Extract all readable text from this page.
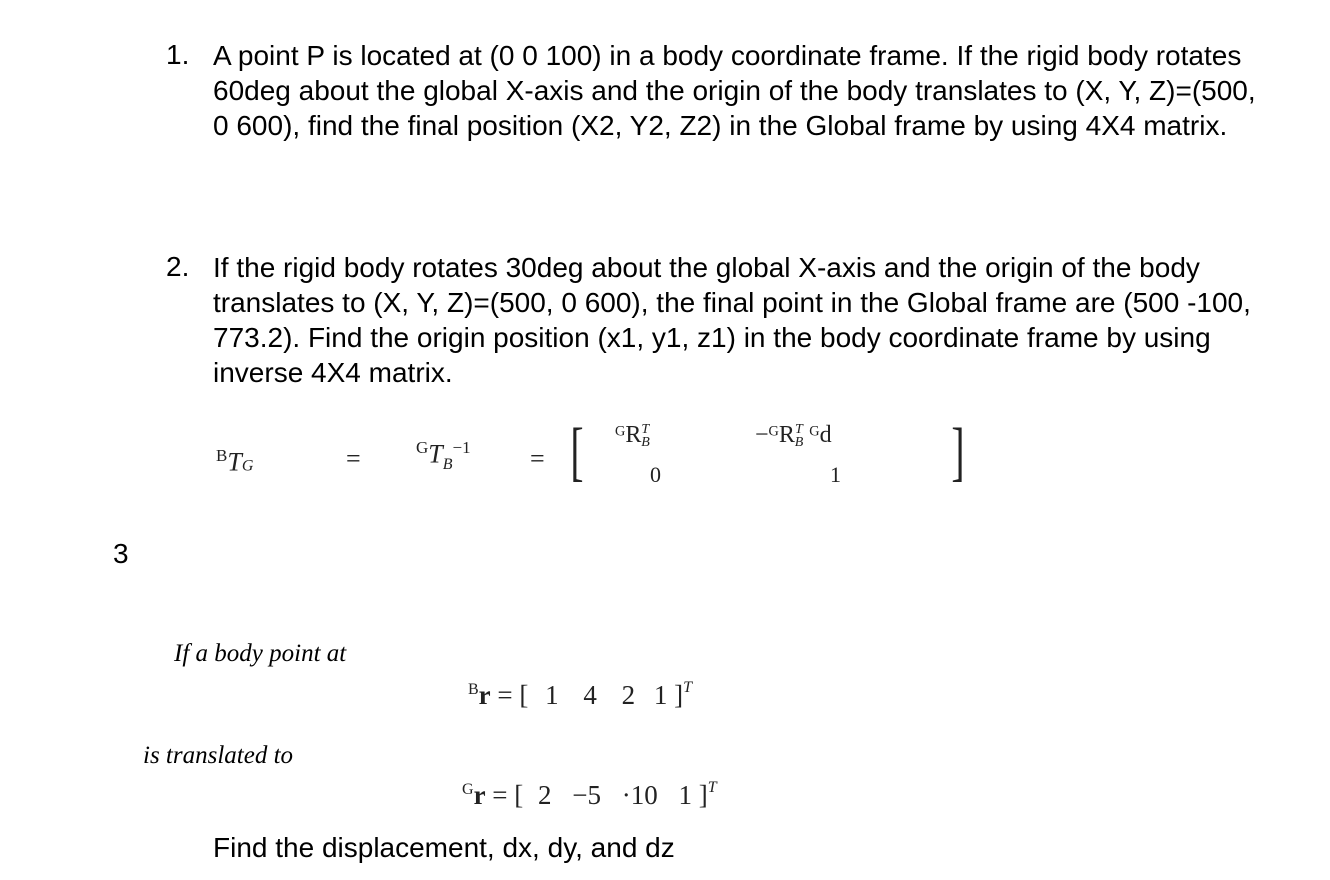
1. A point P is located at (0 0 100) in a body coordinate frame. If the rigid body rotates 60deg about the global X-axis and the origin of the body translates to (X, Y, Z)=(500, 0 600), find the final position (X2, Y2, Z2) in the Global frame by using 4X4 matrix.
2. If the rigid body rotates 30deg about the global X-axis and the origin of the body translates to (X, Y, Z)=(500, 0 600), the final point in the Global frame are (500 -100, 773.2). Find the origin position (x1, y1, z1) in the body coordinate frame by using inverse 4X4 matrix.
$^B$TG	=	$^GT_B^{-1}$ = [ ᴳR$^T$B	−ᴳR$^T$B ᴳd
0	1 ]
3
If a body point at
$^B$r = [ 1 4 2 1 ]$^T$
is translated to
$^G$r = [ 2 −5 ·10 1 ]$^T$
Find the displacement, dx, dy, and dz
